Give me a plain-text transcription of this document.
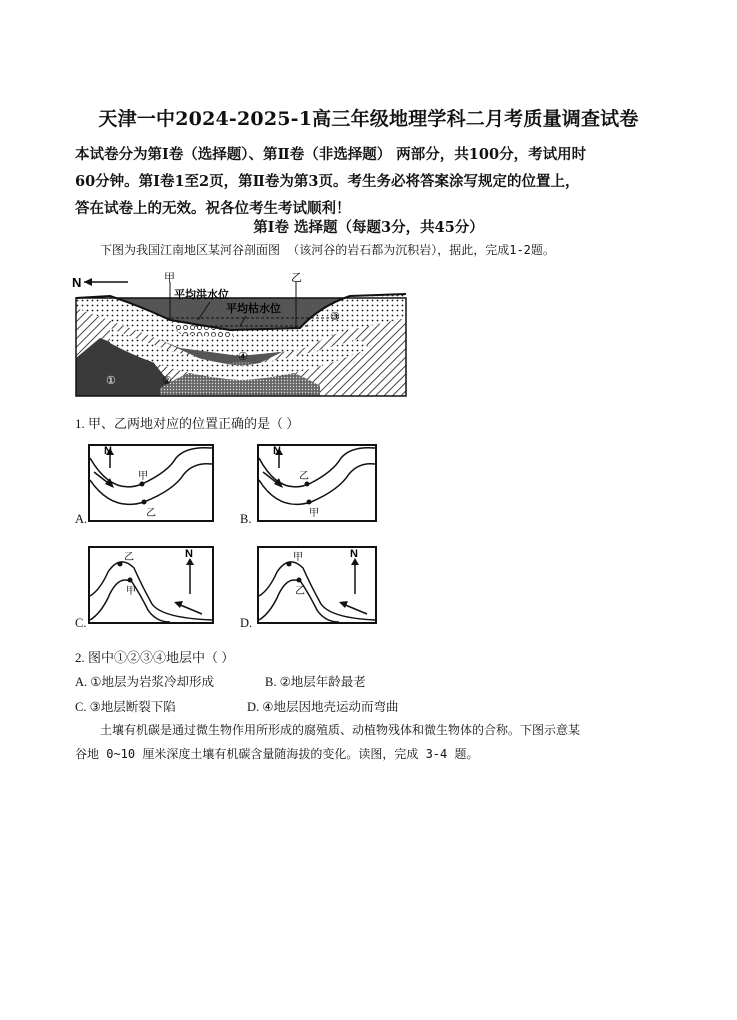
天津一中2024-2025-1高三年级地理学科二月考质量调查试卷
本试卷分为第Ⅰ卷（选择题）、第Ⅱ卷（非选择题） 两部分，共100分，考试用时
60分钟。第Ⅰ卷1至2页，第Ⅱ卷为第3页。考生务必将答案涂写规定的位置上，
答在试卷上的无效。祝各位考生考试顺利！
第Ⅰ卷 选择题（每题3分，共45分）
下图为我国江南地区某河谷剖面图 （该河谷的岩石都为沉积岩），据此，完成1-2题。
N	甲	乙
平均洪水位
平均枯水位
①	②
③
④
1. 甲、乙两地对应的位置正确的是（ ）
A.
N
甲
乙	B.
N
乙
甲
C.
N
乙
甲
D.
N
甲
乙
2. 图中①②③④地层中（ ）
A. ①地层为岩浆冷却形成	B. ②地层年龄最老
C. ③地层断裂下陷	D. ④地层因地壳运动而弯曲
土壤有机碳是通过微生物作用所形成的腐殖质、动植物残体和微生物体的合称。下图示意某
谷地 0~10 厘米深度土壤有机碳含量随海拔的变化。读图，完成 3-4 题。
